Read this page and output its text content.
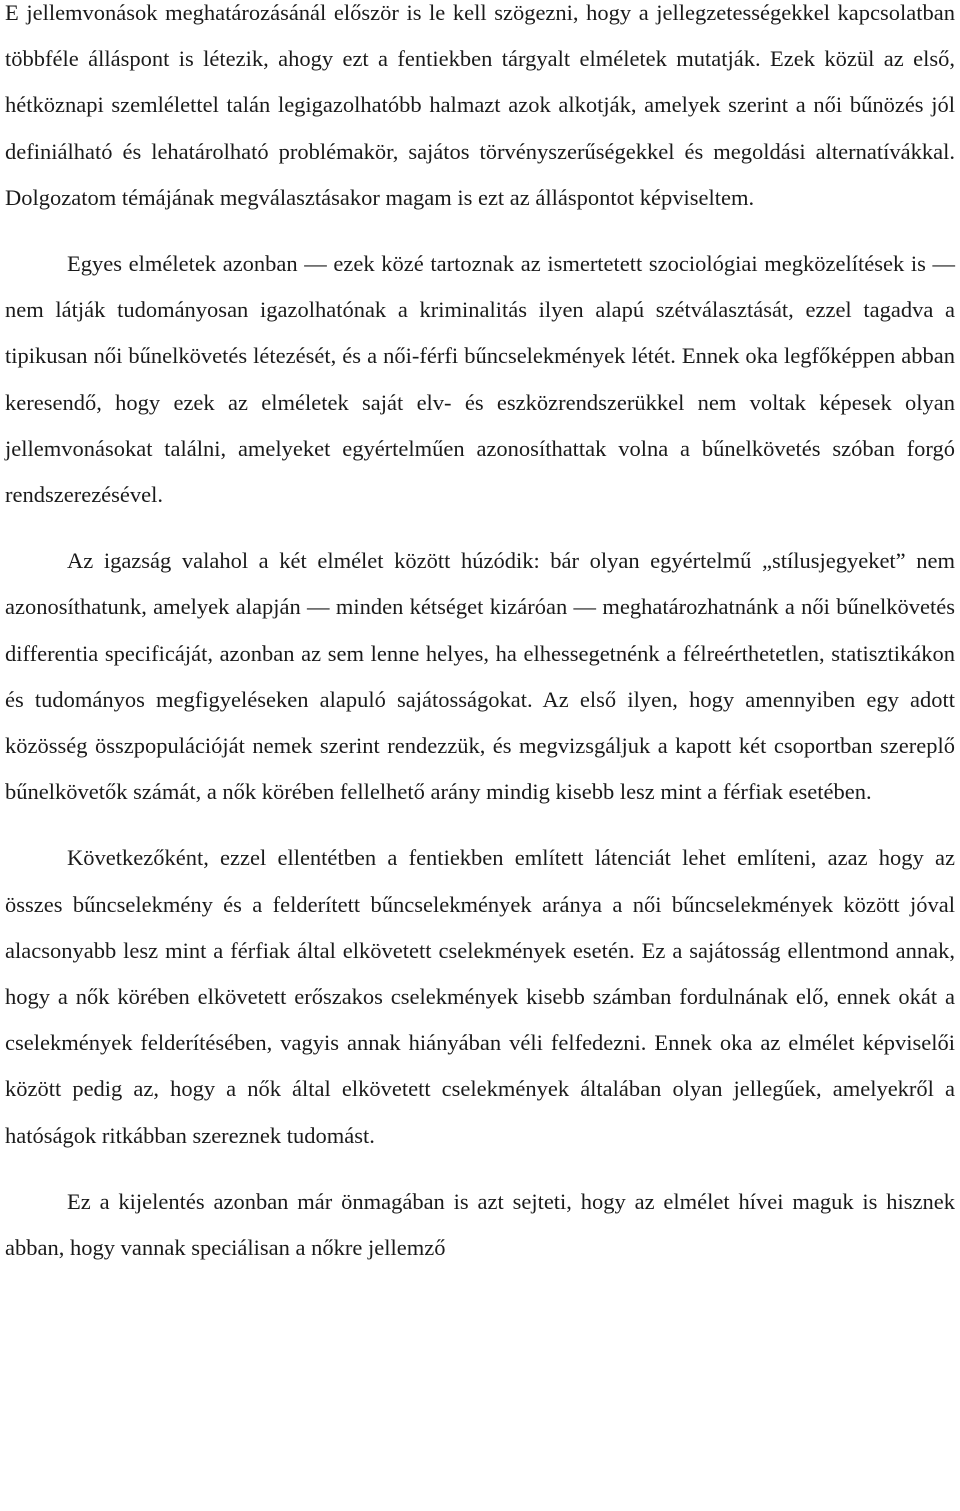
E jellemvonások meghatározásánál először is le kell szögezni, hogy a jellegzetességekkel kapcsolatban többféle álláspont is létezik, ahogy ezt a fentiekben tárgyalt elméletek mutatják. Ezek közül az első, hétköznapi szemlélettel talán legigazolhatóbb halmazt azok alkotják, amelyek szerint a női bűnözés jól definiálható és lehatárolható problémakör, sajátos törvényszerűségekkel és megoldási alternatívákkal. Dolgozatom témájának megválasztásakor magam is ezt az álláspontot képviseltem.

Egyes elméletek azonban ― ezek közé tartoznak az ismertetett szociológiai megközelítések is ― nem látják tudományosan igazolhatónak a kriminalitás ilyen alapú szétválasztását, ezzel tagadva a tipikusan női bűnelkövetés létezését, és a női-férfi bűncselekmények létét. Ennek oka legfőképpen abban keresendő, hogy ezek az elméletek saját elv- és eszközrendszerükkel nem voltak képesek olyan jellemvonásokat találni, amelyeket egyértelműen azonosíthattak volna a bűnelkövetés szóban forgó rendszerezésével.

Az igazság valahol a két elmélet között húzódik: bár olyan egyértelmű „stílusjegyeket” nem azonosíthatunk, amelyek alapján ― minden kétséget kizáróan ― meghatározhatnánk a női bűnelkövetés differentia specificáját, azonban az sem lenne helyes, ha elhessegetnénk a félreérthetetlen, statisztikákon és tudományos megfigyeléseken alapuló sajátosságokat. Az első ilyen, hogy amennyiben egy adott közösség összpopulációját nemek szerint rendezzük, és megvizsgáljuk a kapott két csoportban szereplő bűnelkövetők számát, a nők körében fellelhető arány mindig kisebb lesz mint a férfiak esetében.

Következőként, ezzel ellentétben a fentiekben említett látenciát lehet említeni, azaz hogy az összes bűncselekmény és a felderített bűncselekmények aránya a női bűncselekmények között jóval alacsonyabb lesz mint a férfiak által elkövetett cselekmények esetén. Ez a sajátosság ellentmond annak, hogy a nők körében elkövetett erőszakos cselekmények kisebb számban fordulnának elő, ennek okát a cselekmények felderítésében, vagyis annak hiányában véli felfedezni. Ennek oka az elmélet képviselői között pedig az, hogy a nők által elkövetett cselekmények általában olyan jellegűek, amelyekről a hatóságok ritkábban szereznek tudomást.

Ez a kijelentés azonban már önmagában is azt sejteti, hogy az elmélet hívei maguk is hisznek abban, hogy vannak speciálisan a nőkre jellemző
